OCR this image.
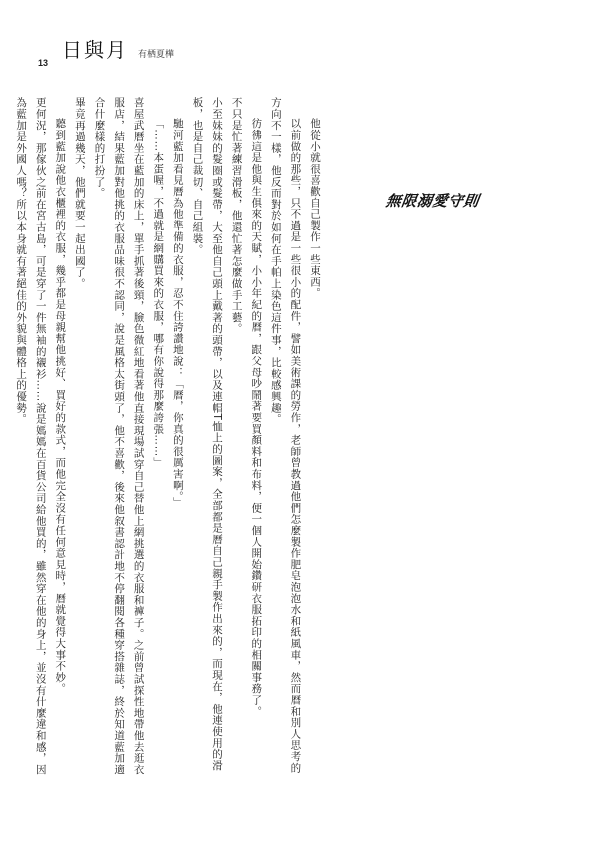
日與月 有栖夏樺
13

他從小就很喜歡自己製作一些東西。

以前做的那些，只不過是一些很小的配件，譬如美術課的勞作，老師曾教過他們怎麼製作肥皂泡泡水和紙風車，然而曆和別人思考的方向不一樣，他反而對於如何在手帕上染色這件事，比較感興趣。

彷彿這是他與生俱來的天賦，小小年紀的曆，跟父母吵鬧著要買顏料和布料，便一個人開始鑽研衣服拓印的相關事務了。

不只是忙著練習滑板，他還忙著怎麼做手工藝。

小至妹妹的髮圈或髮帶，大至他自己頭上戴著的頭帶，以及連帽T恤上的圖案，全部都是曆自己親手製作出來的，而現在，他連使用的滑板，也是自己裁切、自己組裝。

馳河藍加看見曆為他準備的衣服，忍不住誇讚地說：「曆，你真的很厲害啊。」

「……本蛋喔，不過就是網購買來的衣服，哪有你說得那麼誇張……」

喜屋武曆坐在藍加的床上，單手抓著後頸，臉色微紅地看著他直接現場試穿自己替他上網挑選的衣服和褲子。之前曾試探性地帶他去逛衣服店，結果藍加對他挑的衣服品味很不認同，說是風格太街頭了，他不喜歡，後來他叙書認計地不停翻閱各種穿搭雜誌，終於知道藍加適合什麼樣的打扮了。

畢竟再過幾天，他們就要一起出國了。

聽到藍加說他衣櫃裡的衣服，幾乎都是母親幫他挑好、買好的款式，而他完全沒有任何意見時，曆就覺得大事不妙。

更何況，那傢伙之前在宮古島，可是穿了一件無袖的襯衫……說是媽媽在百貨公司給他買的，雖然穿在他的身上，並沒有什麼違和感，因為藍加是外國人嗎？所以本身就有著絕佳的外貌與體格上的優勢。	無限溺愛守則
